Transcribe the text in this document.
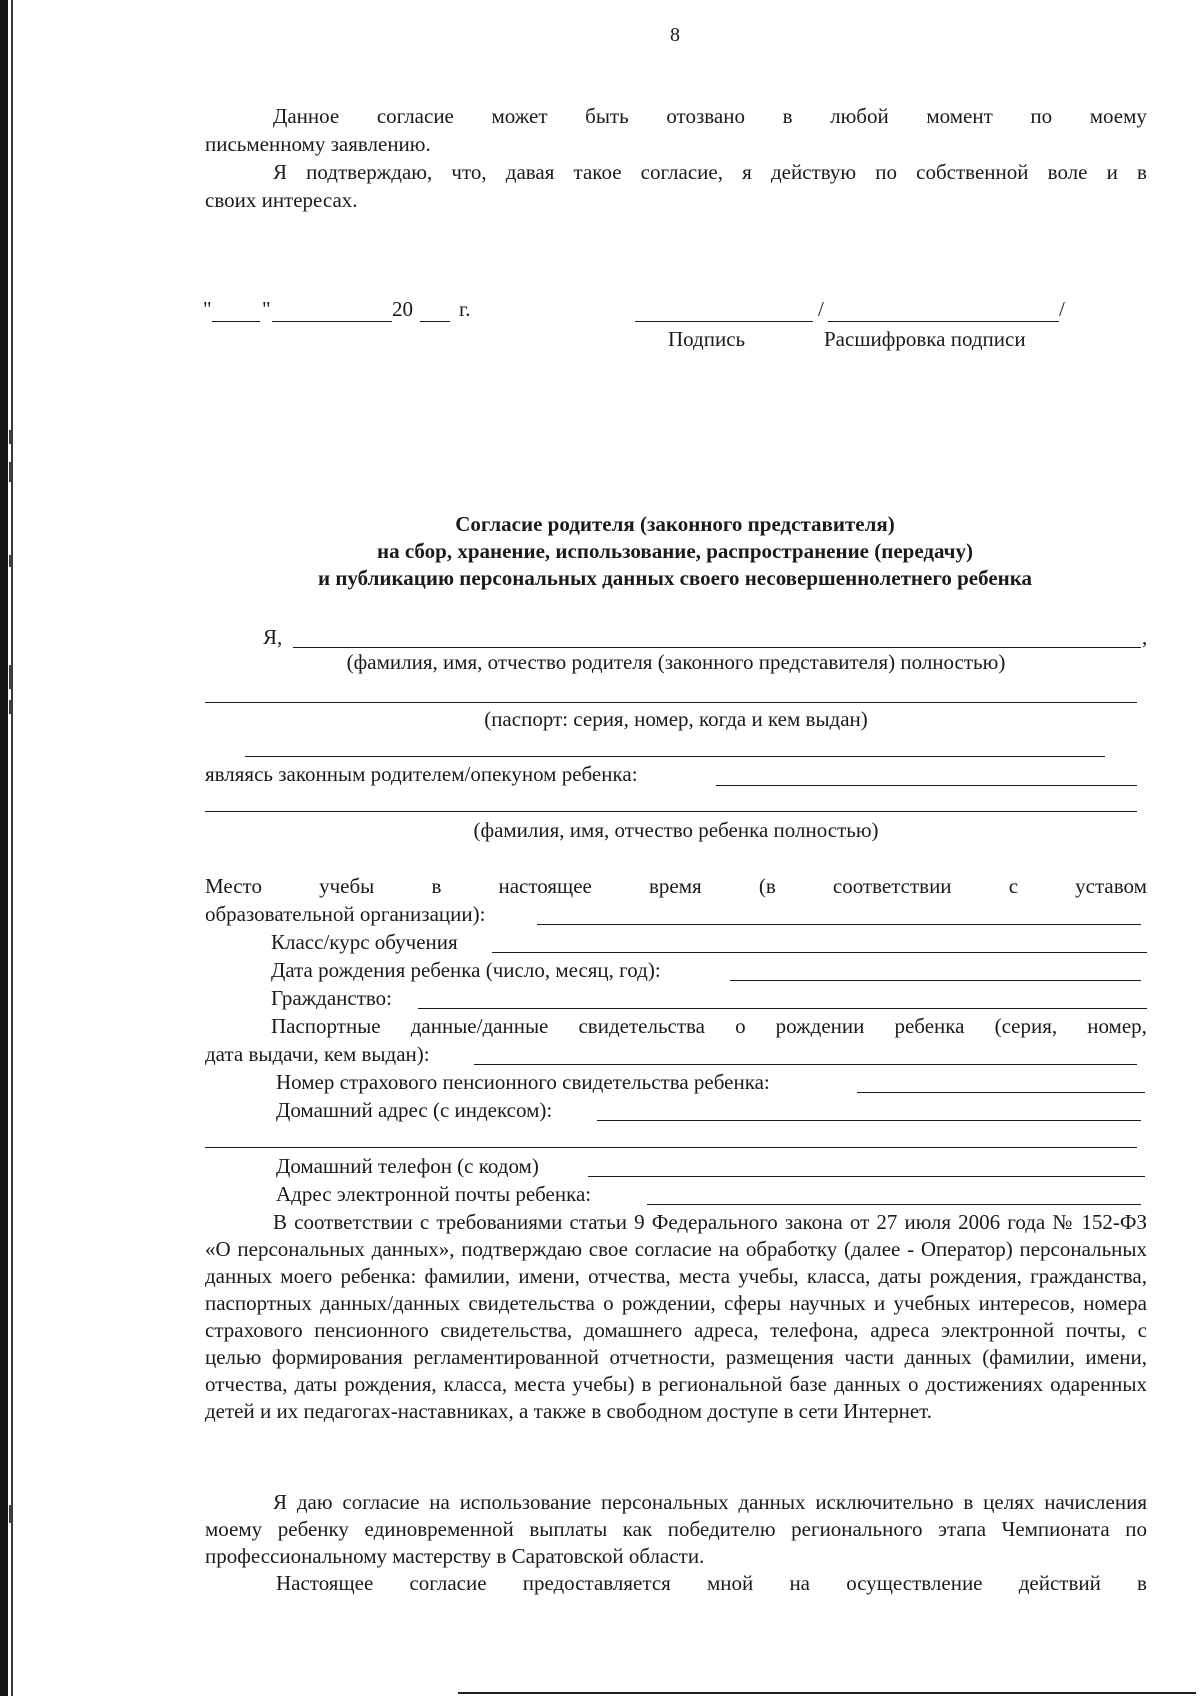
8
Данное согласие может быть отозвано в любой момент по моему
письменному заявлению.
Я подтверждаю, что, давая такое согласие, я действую по собственной воле и в
своих интересах.
" "	20 г.	/	/
Подпись	Расшифровка подписи
Согласие родителя (законного представителя)
на сбор, хранение, использование, распространение (передачу)
и публикацию персональных данных своего несовершеннолетнего ребенка
Я,	,
(фамилия, имя, отчество родителя (законного представителя) полностью)
(паспорт: серия, номер, когда и кем выдан)
являясь законным родителем/опекуном ребенка:
(фамилия, имя, отчество ребенка полностью)
Место	учебы	в	настоящее	время	(в	соответствии	с	уставом
образовательной организации):
Класс/курс обучения
Дата рождения ребенка (число, месяц, год):
Гражданство:
Паспортные данные/данные свидетельства о рождении ребенка (серия, номер,
дата выдачи, кем выдан):
Номер страхового пенсионного свидетельства ребенка:
Домашний адрес (с индексом):
Домашний телефон (с кодом)
Адрес электронной почты ребенка:
В соответствии с требованиями статьи 9 Федерального закона от 27 июля 2006 года № 152-ФЗ «О персональных данных», подтверждаю свое согласие на обработку (далее - Оператор) персональных данных моего ребенка: фамилии, имени, отчества, места учебы, класса, даты рождения, гражданства, паспортных данных/данных свидетельства о рождении, сферы научных и учебных интересов, номера страхового пенсионного свидетельства, домашнего адреса, телефона, адреса электронной почты, с целью формирования регламентированной отчетности, размещения части данных (фамилии, имени, отчества, даты рождения, класса, места учебы) в региональной базе данных о достижениях одаренных детей и их педагогах-наставниках, а также в свободном доступе в сети Интернет.
Я даю согласие на использование персональных данных исключительно в целях начисления моему ребенку единовременной выплаты как победителю регионального этапа Чемпионата по профессиональному мастерству в Саратовской области.
Настоящее согласие предоставляется мной на осуществление действий в
